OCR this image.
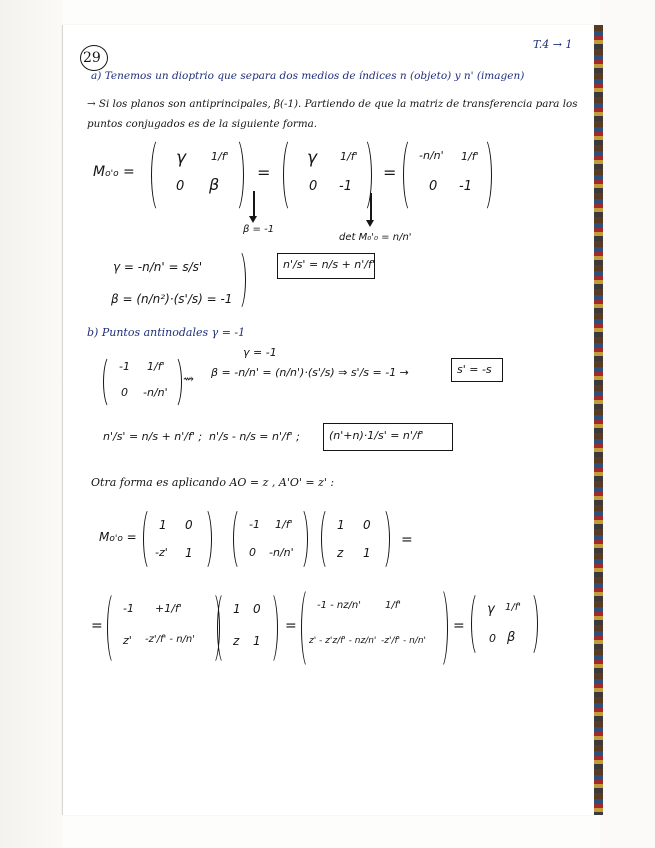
29
T.4 → 1
a) Tenemos un dioptrio que separa dos medios de índices n (objeto) y n' (imagen)
→ Si los planos son antiprincipales, β(-1). Partiendo de que la matriz de transferencia para los
puntos conjugados es de la siguiente forma.
Mo'o =
γ 1/f'
0 β
=
γ 1/f'
0 -1
=
-n/n' 1/f'
0 -1
β = -1
det M₀'₀ = n/n'
γ = -n/n' = s/s'
β = (n/n²)·(s'/s) = -1
n'/s' = n/s + n'/f'
b) Puntos antinodales γ = -1
γ = -1
-1 1/f'
0 -n/n'
⇝ β = -n/n' = (n/n')·(s'/s) ⇒ s'/s = -1 →	s' = -s
n'/s' = n/s + n'/f' ; n'/s - n/s = n'/f' ;	(n'+n)·1/s' = n'/f'
Otra forma es aplicando AO = z , A'O' = z' :
Mo'o =
1 0
-z' 1
-1 1/f'
0 -n/n'
1 0
z 1
=
=
-1 +1/f'
z' -z'/f' - n/n'
1 0
z 1
=
-1 - nz/n' 1/f'
z' - z'z/f' - nz/n' -z'/f' - n/n'
=
γ 1/f'
0 β
